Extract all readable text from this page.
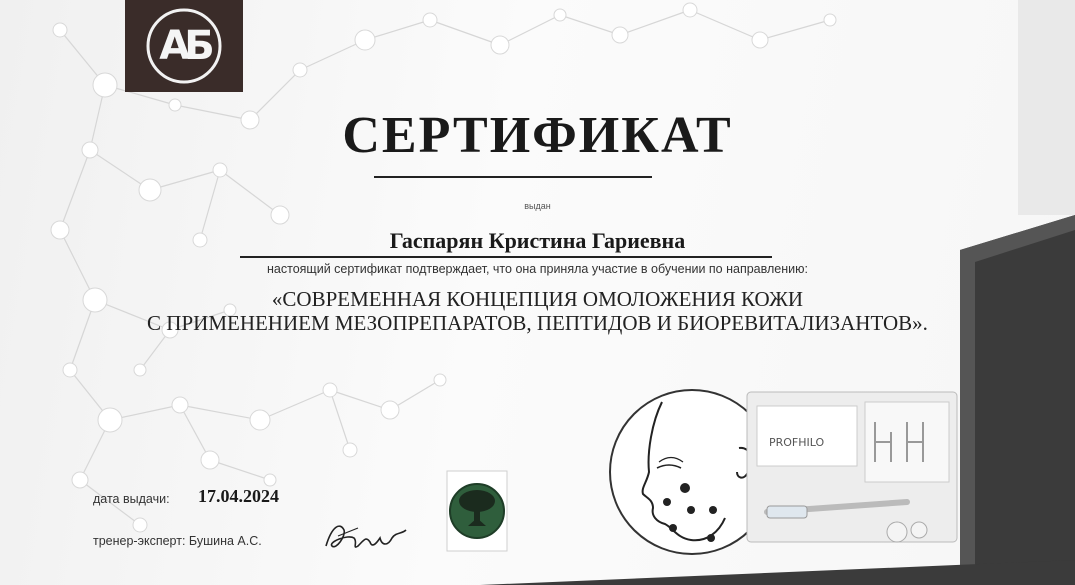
АБ
СЕРТИФИКАТ
выдан
Гаспарян Кристина Гариевна
настоящий сертификат подтверждает, что она приняла участие в обучении по направлению:
«СОВРЕМЕННАЯ КОНЦЕПЦИЯ ОМОЛОЖЕНИЯ КОЖИ
С ПРИМЕНЕНИЕМ МЕЗОПРЕПАРАТОВ, ПЕПТИДОВ И БИОРЕВИТАЛИЗАНТОВ».
дата выдачи: 17.04.2024
тренер-эксперт: Бушина А.С.
PROFHILO
